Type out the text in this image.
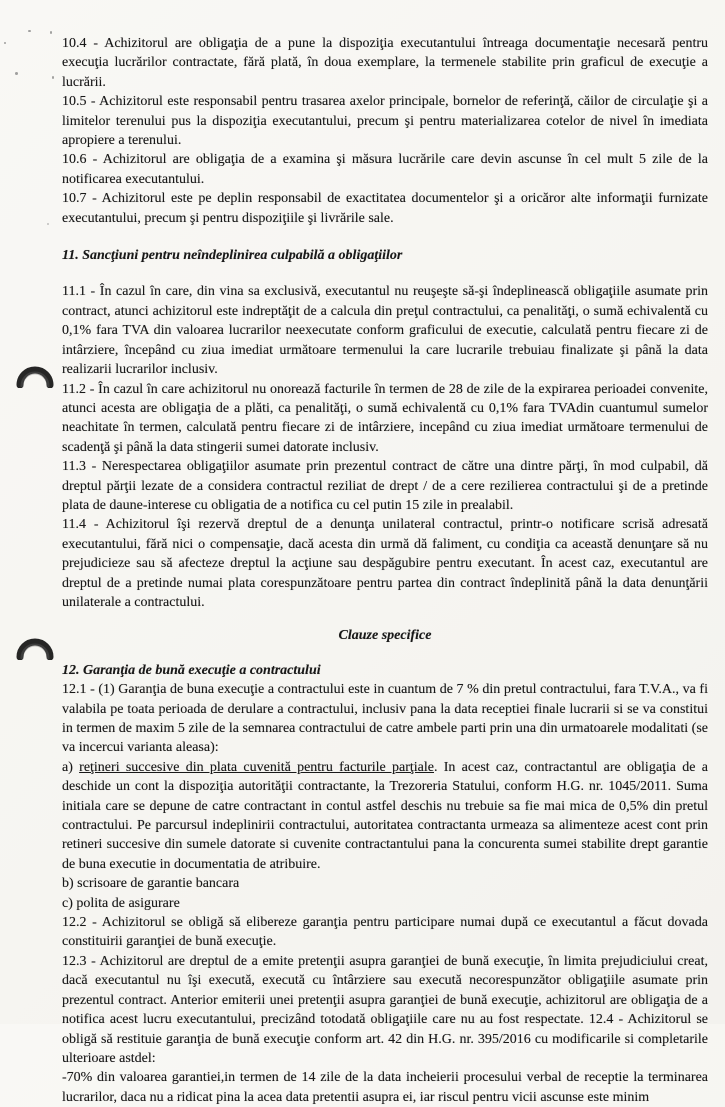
10.4 - Achizitorul are obligaţia de a pune la dispoziţia executantului întreaga documentaţie necesară pentru execuţia lucrărilor contractate, fără plată, în doua exemplare, la termenele stabilite prin graficul de execuţie a lucrării.

10.5 - Achizitorul este responsabil pentru trasarea axelor principale, bornelor de referinţă, căilor de circulaţie şi a limitelor terenului pus la dispoziţia executantului, precum şi pentru materializarea cotelor de nivel în imediata apropiere a terenului.

10.6 - Achizitorul are obligaţia de a examina şi măsura lucrările care devin ascunse în cel mult 5 zile de la notificarea executantului.

10.7 - Achizitorul este pe deplin responsabil de exactitatea documentelor şi a oricăror alte informaţii furnizate executantului, precum şi pentru dispoziţiile şi livrările sale.

11. Sancţiuni pentru neîndeplinirea culpabilă a obligaţiilor

11.1 - În cazul în care, din vina sa exclusivă, executantul nu reuşeşte să-şi îndeplinească obligaţiile asumate prin contract, atunci achizitorul este indreptăţit de a calcula din preţul contractului, ca penalităţi, o sumă echivalentă cu 0,1% fara TVA din valoarea lucrarilor neexecutate conform graficului de executie, calculată pentru fiecare zi de intârziere, începând cu ziua imediat următoare termenului la care lucrarile trebuiau finalizate şi până la data realizarii lucrarilor inclusiv.

11.2 - În cazul în care achizitorul nu onorează facturile în termen de 28 de zile de la expirarea perioadei convenite, atunci acesta are obligaţia de a plăti, ca penalităţi, o sumă echivalentă cu 0,1% fara TVAdin cuantumul sumelor neachitate în termen, calculată pentru fiecare zi de intârziere, incepând cu ziua imediat următoare termenului de scadenţă şi până la data stingerii sumei datorate inclusiv.

11.3 - Nerespectarea obligaţiilor asumate prin prezentul contract de către una dintre părţi, în mod culpabil, dă dreptul părţii lezate de a considera contractul reziliat de drept / de a cere rezilierea contractului şi de a pretinde plata de daune-interese cu obligatia de a notifica cu cel putin 15 zile in prealabil.

11.4 - Achizitorul îşi rezervă dreptul de a denunţa unilateral contractul, printr-o notificare scrisă adresată executantului, fără nici o compensaţie, dacă acesta din urmă dă faliment, cu condiţia ca această denunţare să nu prejudicieze sau să afecteze dreptul la acţiune sau despăgubire pentru executant. În acest caz, executantul are dreptul de a pretinde numai plata corespunzătoare pentru partea din contract îndeplinită până la data denunţării unilaterale a contractului.

Clauze specifice

12. Garanţia de bună execuţie a contractului

12.1 - (1) Garanţia de buna execuţie a contractului este in cuantum de 7 % din pretul contractului, fara T.V.A., va fi valabila pe toata perioada de derulare a contractului, inclusiv pana la data receptiei finale lucrarii si se va constitui in termen de maxim 5 zile de la semnarea contractului de catre ambele parti prin una din urmatoarele modalitati (se va incercui varianta aleasa):

a) reţineri succesive din plata cuvenită pentru facturile parţiale. In acest caz, contractantul are obligaţia de a deschide un cont la dispoziţia autorităţii contractante, la Trezoreria Statului, conform H.G. nr. 1045/2011. Suma initiala care se depune de catre contractant in contul astfel deschis nu trebuie sa fie mai mica de 0,5% din pretul contractului. Pe parcursul indeplinirii contractului, autoritatea contractanta urmeaza sa alimenteze acest cont prin retineri succesive din sumele datorate si cuvenite contractantului pana la concurenta sumei stabilite drept garantie de buna executie in documentatia de atribuire.

b) scrisoare de garantie bancara

c) polita de asigurare

12.2 - Achizitorul se obligă să elibereze garanţia pentru participare numai după ce executantul a făcut dovada constituirii garanţiei de bună execuţie.

12.3 - Achizitorul are dreptul de a emite pretenţii asupra garanţiei de bună execuţie, în limita prejudiciului creat, dacă executantul nu îşi execută, execută cu întârziere sau execută necorespunzător obligaţiile asumate prin prezentul contract. Anterior emiterii unei pretenţii asupra garanţiei de bună execuţie, achizitorul are obligaţia de a notifica acest lucru executantului, precizând totodată obligaţiile care nu au fost respectate. 12.4 - Achizitorul se obligă să restituie garanţia de bună execuţie conform art. 42 din H.G. nr. 395/2016 cu modificarile si completarile ulterioare astdel:

-70% din valoarea garantiei,in termen de 14 zile de la data incheierii procesului verbal de receptie la terminarea lucrarilor, daca nu a ridicat pina la acea data pretentii asupra ei, iar riscul pentru vicii ascunse este minim
